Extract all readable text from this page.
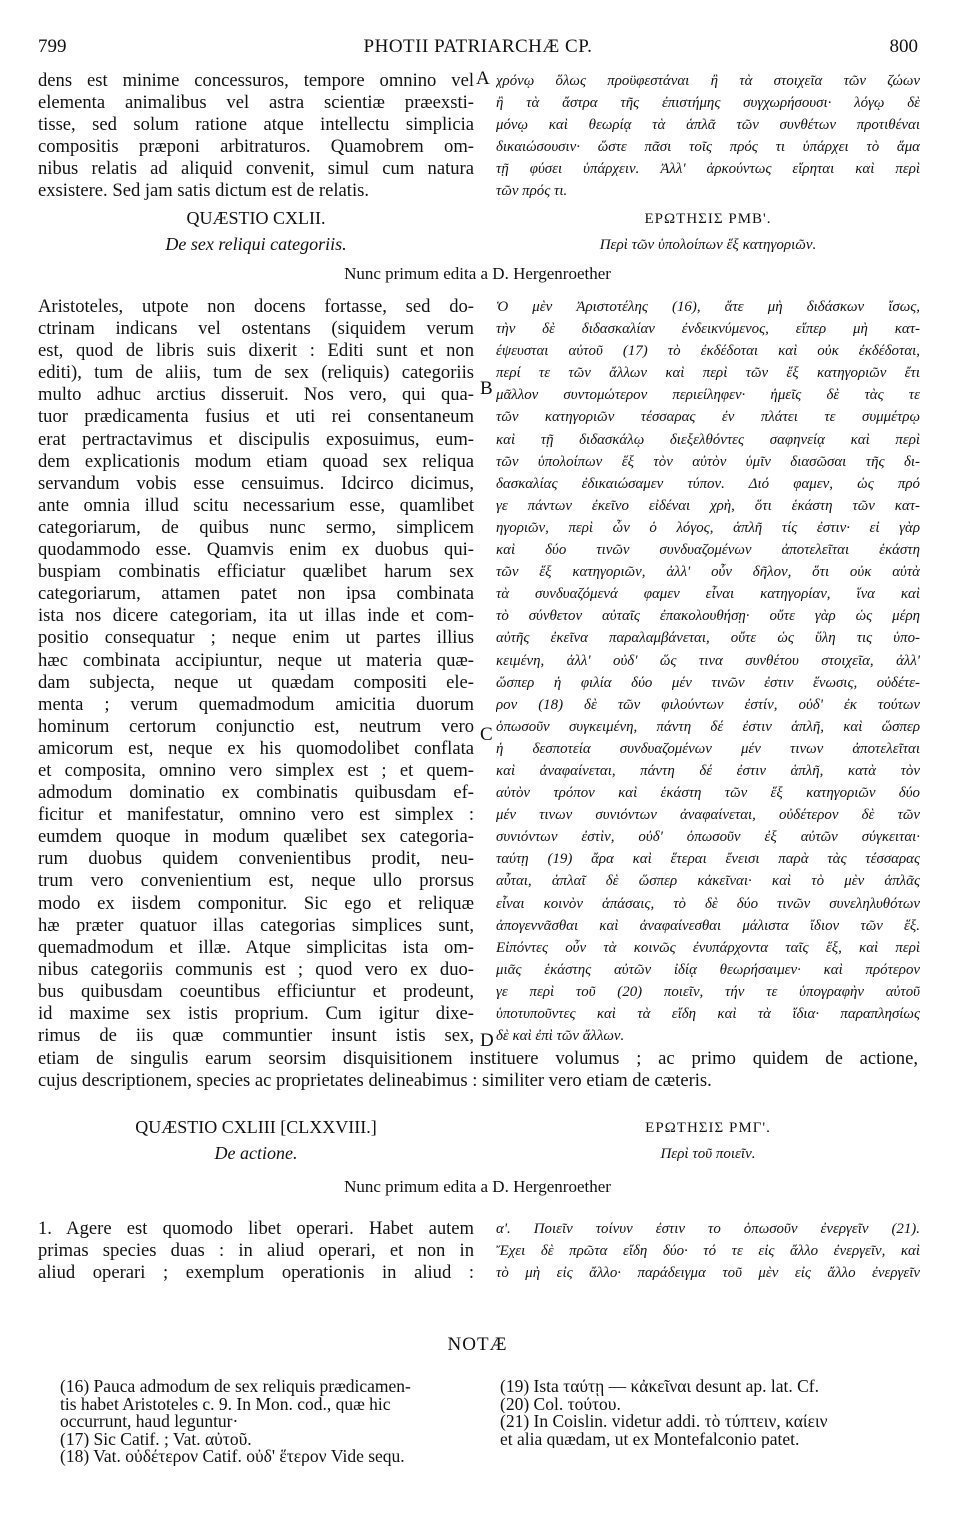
799	PHOTII PATRIARCHÆ CP.	800
A
B
C
D
dens est minime concessuros, tempore omnino vel
elementa animalibus vel astra scientiæ præexsti-
tisse, sed solum ratione atque intellectu simplicia
compositis præponi arbitraturos. Quamobrem om-
nibus relatis ad aliquid convenit, simul cum natura
exsistere. Sed jam satis dictum est de relatis.
χρόνῳ ὅλως προϋφεστάναι ἢ τὰ στοιχεῖα τῶν ζώων
ἢ τὰ ἄστρα τῆς ἐπιστήμης συγχωρήσουσι· λόγῳ δὲ
μόνῳ καὶ θεωρίᾳ τὰ ἁπλᾶ τῶν συνθέτων προτιθέναι
δικαιώσουσιν· ὥστε πᾶσι τοῖς πρός τι ὑπάρχει τὸ ἅμα
τῇ φύσει ὑπάρχειν. Ἀλλ' ἀρκούντως εἴρηται καὶ περὶ
τῶν πρός τι.
QUÆSTIO CXLII.
De sex reliqui categoriis.
ΕΡΩΤΗΣΙΣ ΡΜΒ'.
Περὶ τῶν ὑπολοίπων ἕξ κατηγοριῶν.
Nunc primum edita a D. Hergenroether
Aristoteles, utpote non docens fortasse, sed do-
ctrinam indicans vel ostentans (siquidem verum
est, quod de libris suis dixerit : Editi sunt et non
editi), tum de aliis, tum de sex (reliquis) categoriis
multo adhuc arctius disseruit. Nos vero, qui qua-
tuor prædicamenta fusius et uti rei consentaneum
erat pertractavimus et discipulis exposuimus, eum-
dem explicationis modum etiam quoad sex reliqua
servandum vobis esse censuimus. Idcirco dicimus,
ante omnia illud scitu necessarium esse, quamlibet
categoriarum, de quibus nunc sermo, simplicem
quodammodo esse. Quamvis enim ex duobus qui-
buspiam combinatis efficiatur quælibet harum sex
categoriarum, attamen patet non ipsa combinata
ista nos dicere categoriam, ita ut illas inde et com-
positio consequatur ; neque enim ut partes illius
hæc combinata accipiuntur, neque ut materia quæ-
dam subjecta, neque ut quædam compositi ele-
menta ; verum quemadmodum amicitia duorum
hominum certorum conjunctio est, neutrum vero
amicorum est, neque ex his quomodolibet conflata
et composita, omnino vero simplex est ; et quem-
admodum dominatio ex combinatis quibusdam ef-
ficitur et manifestatur, omnino vero est simplex :
eumdem quoque in modum quælibet sex categoria-
rum duobus quidem convenientibus prodit, neu-
trum vero convenientium est, neque ullo prorsus
modo ex iisdem componitur. Sic ego et reliquæ
hæ præter quatuor illas categorias simplices sunt,
quemadmodum et illæ. Atque simplicitas ista om-
nibus categoriis communis est ; quod vero ex duo-
bus quibusdam coeuntibus efficiuntur et prodeunt,
id maxime sex istis proprium. Cum igitur dixe-
rimus de iis quæ communtier insunt istis sex,
Ὁ μὲν Ἀριστοτέλης (16), ἅτε μὴ διδάσκων ἴσως,
τὴν δὲ διδασκαλίαν ἐνδεικνύμενος, εἴπερ μὴ κατ-
έψευσται αὐτοῦ (17) τὸ ἐκδέδοται καὶ οὐκ ἐκδέδοται,
περί τε τῶν ἄλλων καὶ περὶ τῶν ἕξ κατηγοριῶν ἔτι
μᾶλλον συντομώτερον περιείληφεν· ἡμεῖς δὲ τὰς τε
τῶν κατηγοριῶν τέσσαρας ἐν πλάτει τε συμμέτρῳ
καὶ τῇ διδασκάλῳ διεξελθόντες σαφηνείᾳ καὶ περὶ
τῶν ὑπολοίπων ἕξ τὸν αὐτὸν ὑμῖν διασῶσαι τῆς δι-
δασκαλίας ἐδικαιώσαμεν τύπον. Διό φαμεν, ὡς πρό
γε πάντων ἐκεῖνο εἰδέναι χρὴ, ὅτι ἑκάστη τῶν κατ-
ηγοριῶν, περὶ ὧν ὁ λόγος, ἁπλῆ τίς ἐστιν· εἰ γὰρ
καὶ δύο τινῶν συνδυαζομένων ἀποτελεῖται ἑκάστη
τῶν ἕξ κατηγοριῶν, ἀλλ' οὖν δῆλον, ὅτι οὐκ αὐτὰ
τὰ συνδυαζόμενά φαμεν εἶναι κατηγορίαν, ἵνα καὶ
τὸ σύνθετον αὐταῖς ἐπακολουθήσῃ· οὔτε γὰρ ὡς μέρη
αὐτῆς ἐκεῖνα παραλαμβάνεται, οὔτε ὡς ὕλη τις ὑπο-
κειμένη, ἀλλ' οὐδ' ὥς τινα συνθέτου στοιχεῖα, ἀλλ'
ὥσπερ ἡ φιλία δύο μέν τινῶν ἐστιν ἕνωσις, οὐδέτε-
ρον (18) δὲ τῶν φιλούντων ἐστίν, οὐδ' ἐκ τούτων
ὁπωσοῦν συγκειμένη, πάντη δέ ἐστιν ἁπλῆ, καὶ ὥσπερ
ἡ δεσποτεία συνδυαζομένων μέν τινων ἀποτελεῖται
καὶ ἀναφαίνεται, πάντη δέ ἐστιν ἁπλῆ, κατὰ τὸν
αὐτὸν τρόπον καὶ ἑκάστη τῶν ἕξ κατηγοριῶν δύο
μέν τινων συνιόντων ἀναφαίνεται, οὐδέτερον δὲ τῶν
συνιόντων ἐστὶν, οὐδ' ὁπωσοῦν ἐξ αὐτῶν σύγκειται·
ταύτῃ (19) ἄρα καὶ ἕτεραι ἔνεισι παρὰ τὰς τέσσαρας
αὗται, ἁπλαῖ δὲ ὥσπερ κἀκεῖναι· καὶ τὸ μὲν ἁπλᾶς
εἶναι κοινὸν ἁπάσαις, τὸ δὲ δύο τινῶν συνεληλυθότων
ἀπογεννᾶσθαι καὶ ἀναφαίνεσθαι μάλιστα ἴδιον τῶν ἕξ.
Εἰπόντες οὖν τὰ κοινῶς ἐνυπάρχοντα ταῖς ἕξ, καὶ περὶ
μιᾶς ἑκάστης αὐτῶν ἰδίᾳ θεωρήσαιμεν· καὶ πρότερον
γε περὶ τοῦ (20) ποιεῖν, τήν τε ὑπογραφὴν αὐτοῦ
ὑποτυποῦντες καὶ τὰ εἴδη καὶ τὰ ἴδια· παραπλησίως
δὲ καὶ ἐπὶ τῶν ἄλλων.
etiam de singulis earum seorsim disquisitionem instituere volumus ; ac primo quidem de actione,
cujus descriptionem, species ac proprietates delineabimus : similiter vero etiam de cæteris.
QUÆSTIO CXLIII [CLXXVIII.]
De actione.
ΕΡΩΤΗΣΙΣ ΡΜΓ'.
Περὶ τοῦ ποιεῖν.
Nunc primum edita a D. Hergenroether
1. Agere est quomodo libet operari. Habet autem
primas species duas : in aliud operari, et non in
aliud operari ; exemplum operationis in aliud :
α'. Ποιεῖν τοίνυν ἐστιν το ὁπωσοῦν ἐνεργεῖν (21).
Ἔχει δὲ πρῶτα εἴδη δύο· τό τε εἰς ἄλλο ἐνεργεῖν, καὶ
τὸ μὴ εἰς ἄλλο· παράδειγμα τοῦ μὲν εἰς ἄλλο ἐνεργεῖν
NOTÆ
(16) Pauca admodum de sex reliquis prædicamen-
tis habet Aristoteles c. 9. In Mon. cod., quæ hic
occurrunt, haud leguntur·
(17) Sic Catif. ; Vat. αὐτοῦ.
(18) Vat. οὐδέτερον Catif. οὐδ' ἕτερον Vide sequ.
(19) Ista ταύτῃ — κἀκεῖναι desunt ap. lat. Cf.
(20) Col. τούτου.
(21) In Coislin. videtur addi. τὸ τύπτειν, καίειν
et alia quædam, ut ex Montefalconio patet.
